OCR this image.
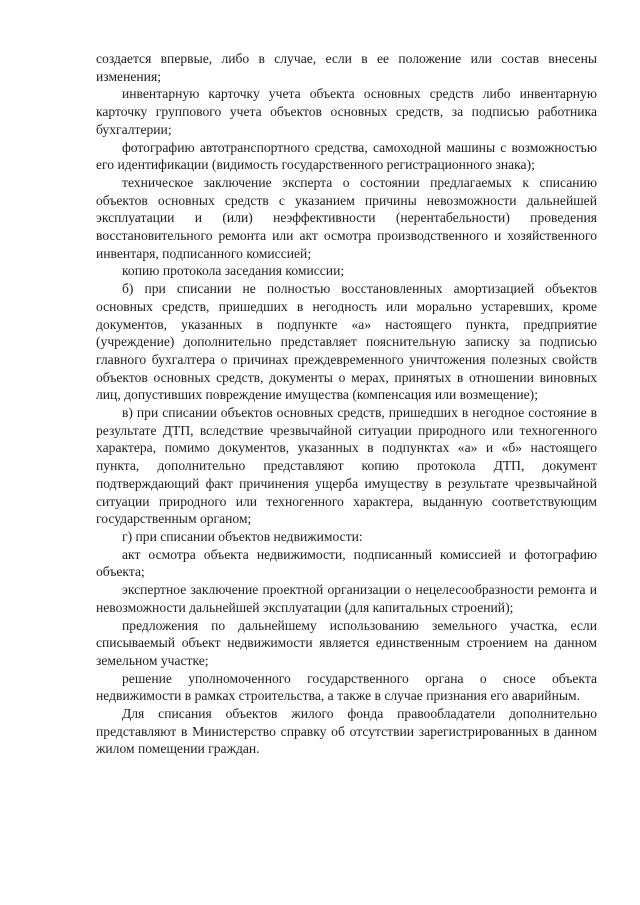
создается впервые, либо в случае, если в ее положение или состав внесены изменения;

инвентарную карточку учета объекта основных средств либо инвентарную карточку группового учета объектов основных средств, за подписью работника бухгалтерии;

фотографию автотранспортного средства, самоходной машины с возможностью его идентификации (видимость государственного регистрационного знака);

техническое заключение эксперта о состоянии предлагаемых к списанию объектов основных средств с указанием причины невозможности дальнейшей эксплуатации и (или) неэффективности (нерентабельности) проведения восстановительного ремонта или акт осмотра производственного и хозяйственного инвентаря, подписанного комиссией;

копию протокола заседания комиссии;

б) при списании не полностью восстановленных амортизацией объектов основных средств, пришедших в негодность или морально устаревших, кроме документов, указанных в подпункте «а» настоящего пункта, предприятие (учреждение) дополнительно представляет пояснительную записку за подписью главного бухгалтера о причинах преждевременного уничтожения полезных свойств объектов основных средств, документы о мерах, принятых в отношении виновных лиц, допустивших повреждение имущества (компенсация или возмещение);

в) при списании объектов основных средств, пришедших в негодное состояние в результате ДТП, вследствие чрезвычайной ситуации природного или техногенного характера, помимо документов, указанных в подпунктах «а» и «б» настоящего пункта, дополнительно представляют копию протокола ДТП, документ подтверждающий факт причинения ущерба имуществу в результате чрезвычайной ситуации природного или техногенного характера, выданную соответствующим государственным органом;

г) при списании объектов недвижимости:

акт осмотра объекта недвижимости, подписанный комиссией и фотографию объекта;

экспертное заключение проектной организации о нецелесообразности ремонта и невозможности дальнейшей эксплуатации (для капитальных строений);

предложения по дальнейшему использованию земельного участка, если списываемый объект недвижимости является единственным строением на данном земельном участке;

решение уполномоченного государственного органа о сносе объекта недвижимости в рамках строительства, а также в случае признания его аварийным.

Для списания объектов жилого фонда правообладатели дополнительно представляют в Министерство справку об отсутствии зарегистрированных в данном жилом помещении граждан.
